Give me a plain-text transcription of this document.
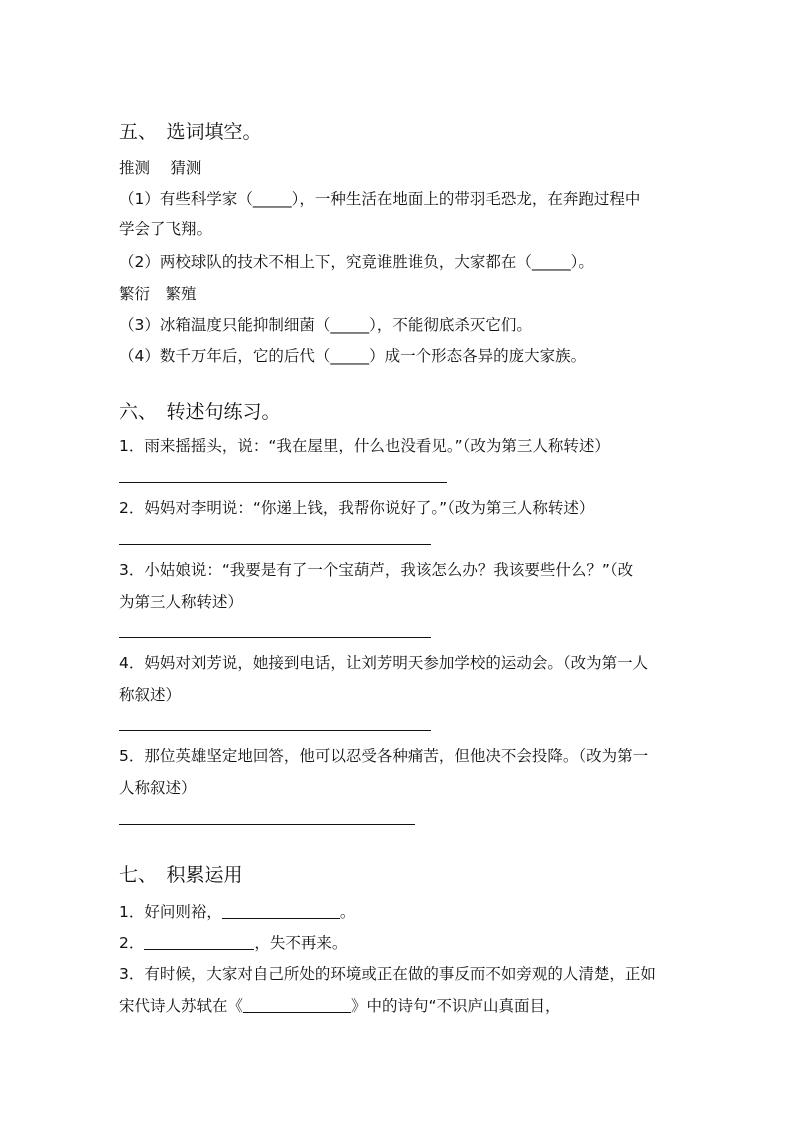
五、　选词填空。
推测　 猜测
（1）有些科学家（_____），一种生活在地面上的带羽毛恐龙，在奔跑过程中
学会了飞翔。
（2）两校球队的技术不相上下，究竟谁胜谁负，大家都在（_____）。
繁衍　繁殖
（3）冰箱温度只能抑制细菌（_____），不能彻底杀灭它们。
（4）数千万年后，它的后代（_____）成一个形态各异的庞大家族。
六、　转述句练习。
1．雨来摇摇头，说：“我在屋里，什么也没看见。”（改为第三人称转述）
2．妈妈对李明说：“你递上钱，我帮你说好了。”（改为第三人称转述）
3．小姑娘说：“我要是有了一个宝葫芦，我该怎么办？我该要些什么？”（改
为第三人称转述）
4．妈妈对刘芳说，她接到电话，让刘芳明天参加学校的运动会。（改为第一人
称叙述）
5．那位英雄坚定地回答，他可以忍受各种痛苦，但他决不会投降。（改为第一
人称叙述）
七、　积累运用
1．好问则裕，	。
2．	，失不再来。
3．有时候，大家对自己所处的环境或正在做的事反而不如旁观的人清楚，正如
宋代诗人苏轼在《	》中的诗句“不识庐山真面目，
